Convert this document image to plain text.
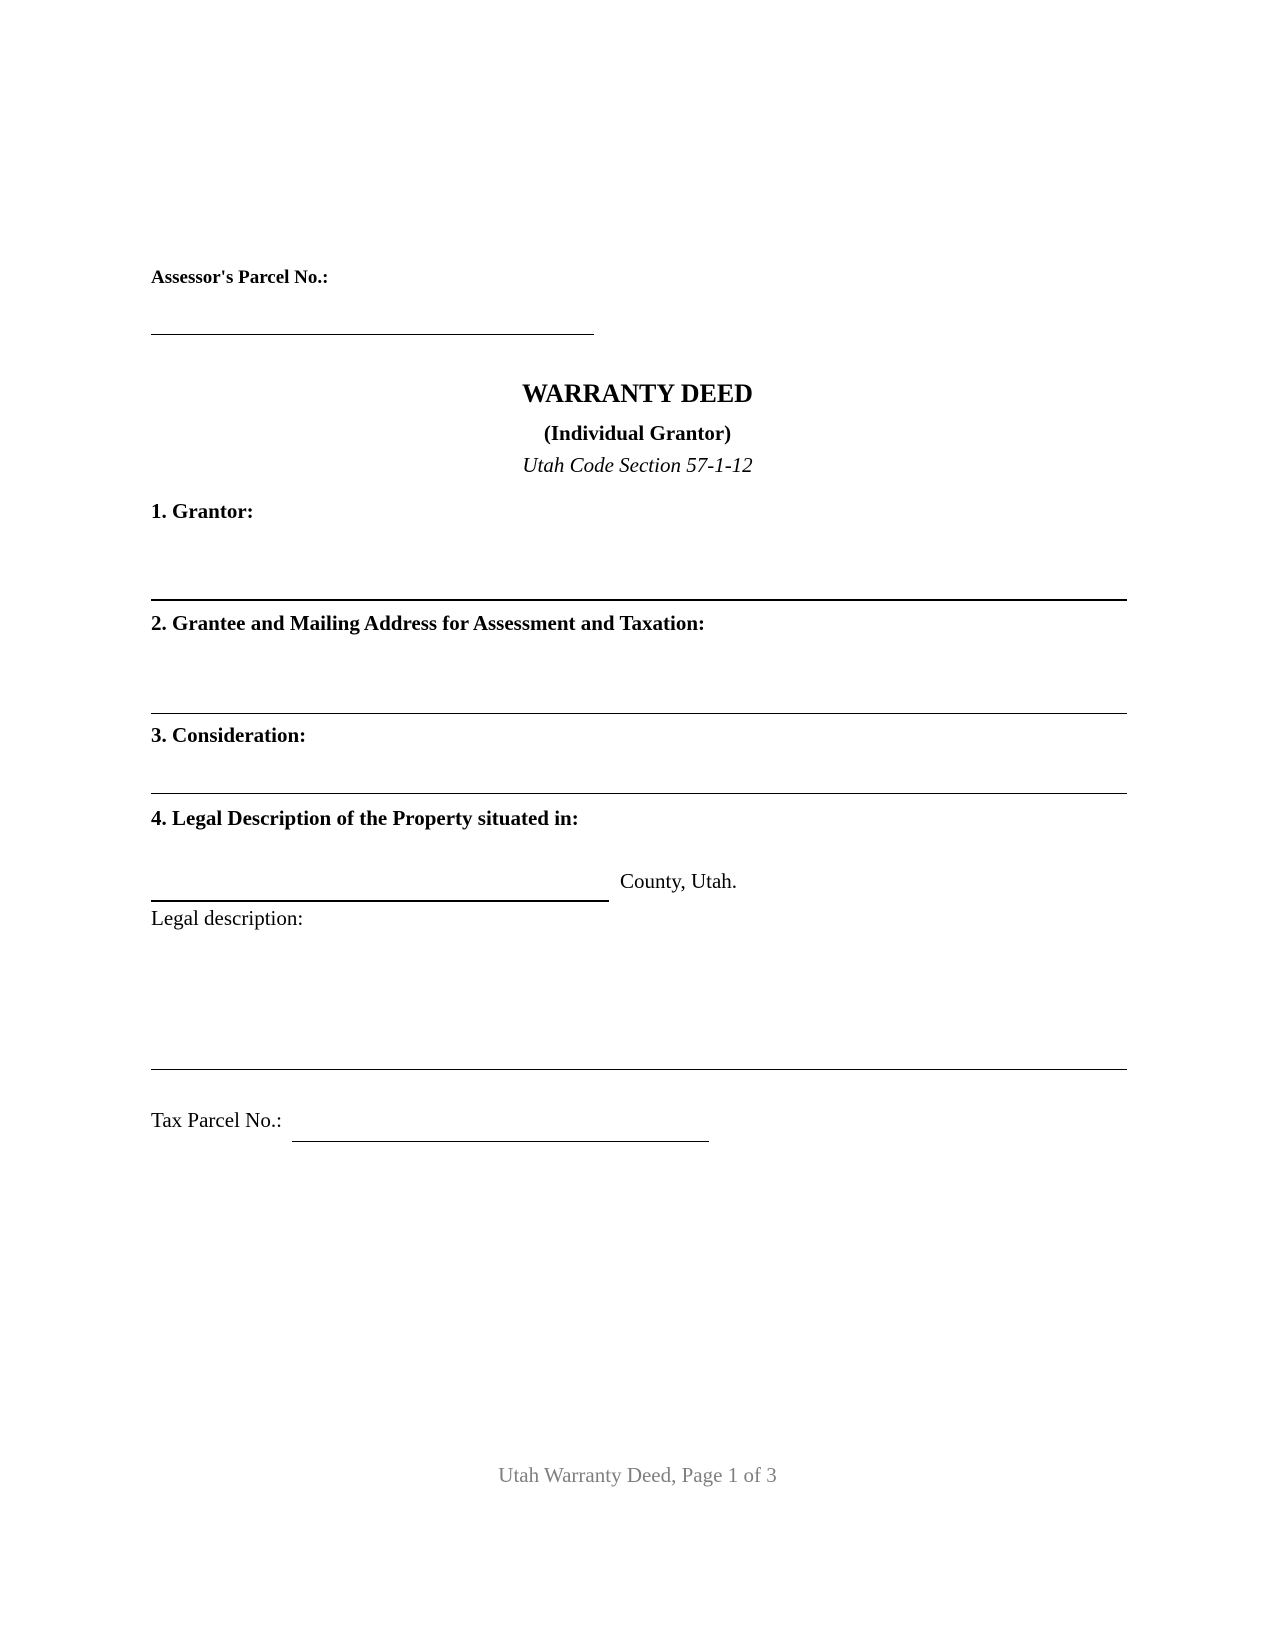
Assessor's Parcel No.:
WARRANTY DEED
(Individual Grantor)
Utah Code Section 57-1-12
1. Grantor:
2. Grantee and Mailing Address for Assessment and Taxation:
3. Consideration:
4. Legal Description of the Property situated in:
County, Utah.
Legal description:
Tax Parcel No.:
Utah Warranty Deed, Page 1 of 3
